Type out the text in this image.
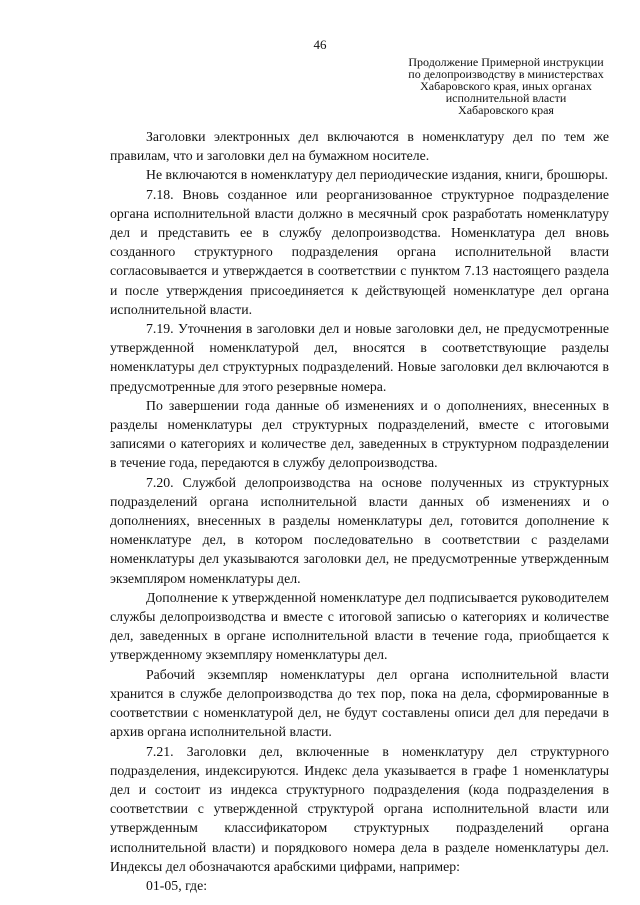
46
Продолжение Примерной инструкции
по делопроизводству в министерствах
Хабаровского края, иных органах
исполнительной власти
Хабаровского края

Заголовки электронных дел включаются в номенклатуру дел по тем же правилам, что и заголовки дел на бумажном носителе.

Не включаются в номенклатуру дел периодические издания, книги, брошюры.

7.18. Вновь созданное или реорганизованное структурное подразделение органа исполнительной власти должно в месячный срок разработать номенклатуру дел и представить ее в службу делопроизводства. Номенклатура дел вновь созданного структурного подразделения органа исполнительной власти согласовывается и утверждается в соответствии с пунктом 7.13 настоящего раздела и после утверждения присоединяется к действующей номенклатуре дел органа исполнительной власти.

7.19. Уточнения в заголовки дел и новые заголовки дел, не предусмотренные утвержденной номенклатурой дел, вносятся в соответствующие разделы номенклатуры дел структурных подразделений. Новые заголовки дел включаются в предусмотренные для этого резервные номера.

По завершении года данные об изменениях и о дополнениях, внесенных в разделы номенклатуры дел структурных подразделений, вместе с итоговыми записями о категориях и количестве дел, заведенных в структурном подразделении в течение года, передаются в службу делопроизводства.

7.20. Службой делопроизводства на основе полученных из структурных подразделений органа исполнительной власти данных об изменениях и о дополнениях, внесенных в разделы номенклатуры дел, готовится дополнение к номенклатуре дел, в котором последовательно в соответствии с разделами номенклатуры дел указываются заголовки дел, не предусмотренные утвержденным экземпляром номенклатуры дел.

Дополнение к утвержденной номенклатуре дел подписывается руководителем службы делопроизводства и вместе с итоговой записью о категориях и количестве дел, заведенных в органе исполнительной власти в течение года, приобщается к утвержденному экземпляру номенклатуры дел.

Рабочий экземпляр номенклатуры дел органа исполнительной власти хранится в службе делопроизводства до тех пор, пока на дела, сформированные в соответствии с номенклатурой дел, не будут составлены описи дел для передачи в архив органа исполнительной власти.

7.21. Заголовки дел, включенные в номенклатуру дел структурного подразделения, индексируются. Индекс дела указывается в графе 1 номенклатуры дел и состоит из индекса структурного подразделения (кода подразделения в соответствии с утвержденной структурой органа исполнительной власти или утвержденным классификатором структурных подразделений органа исполнительной власти) и порядкового номера дела в разделе номенклатуры дел. Индексы дел обозначаются арабскими цифрами, например:

01-05, где:
